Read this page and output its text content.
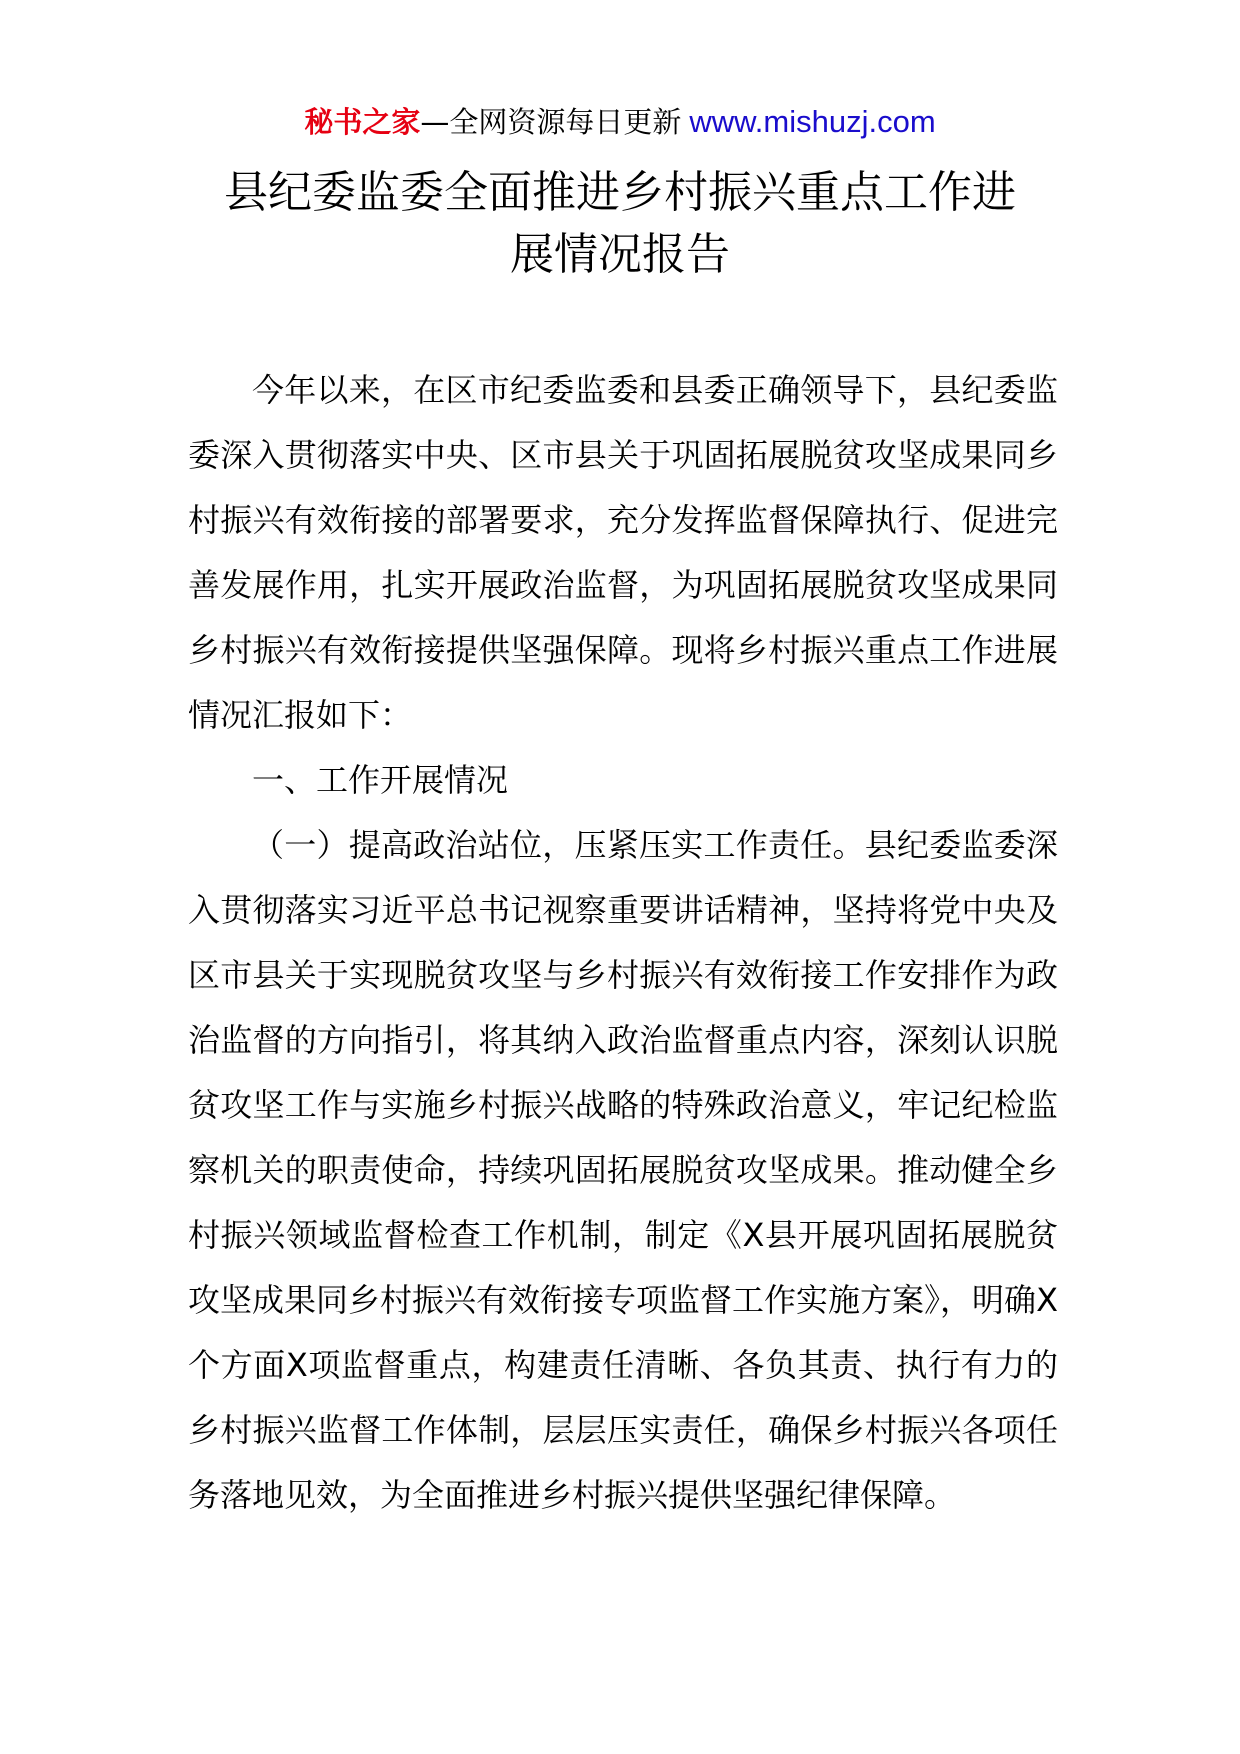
秘书之家—全网资源每日更新 www.mishuzj.com
县纪委监委全面推进乡村振兴重点工作进
展情况报告

今年以来，在区市纪委监委和县委正确领导下，县纪委监委深入贯彻落实中央、区市县关于巩固拓展脱贫攻坚成果同乡村振兴有效衔接的部署要求，充分发挥监督保障执行、促进完善发展作用，扎实开展政治监督，为巩固拓展脱贫攻坚成果同乡村振兴有效衔接提供坚强保障。现将乡村振兴重点工作进展情况汇报如下：

一、工作开展情况

（一）提高政治站位，压紧压实工作责任。县纪委监委深入贯彻落实习近平总书记视察重要讲话精神，坚持将党中央及区市县关于实现脱贫攻坚与乡村振兴有效衔接工作安排作为政治监督的方向指引，将其纳入政治监督重点内容，深刻认识脱贫攻坚工作与实施乡村振兴战略的特殊政治意义，牢记纪检监察机关的职责使命，持续巩固拓展脱贫攻坚成果。推动健全乡村振兴领域监督检查工作机制，制定《X县开展巩固拓展脱贫攻坚成果同乡村振兴有效衔接专项监督工作实施方案》，明确X个方面X项监督重点，构建责任清晰、各负其责、执行有力的乡村振兴监督工作体制，层层压实责任，确保乡村振兴各项任务落地见效，为全面推进乡村振兴提供坚强纪律保障。
